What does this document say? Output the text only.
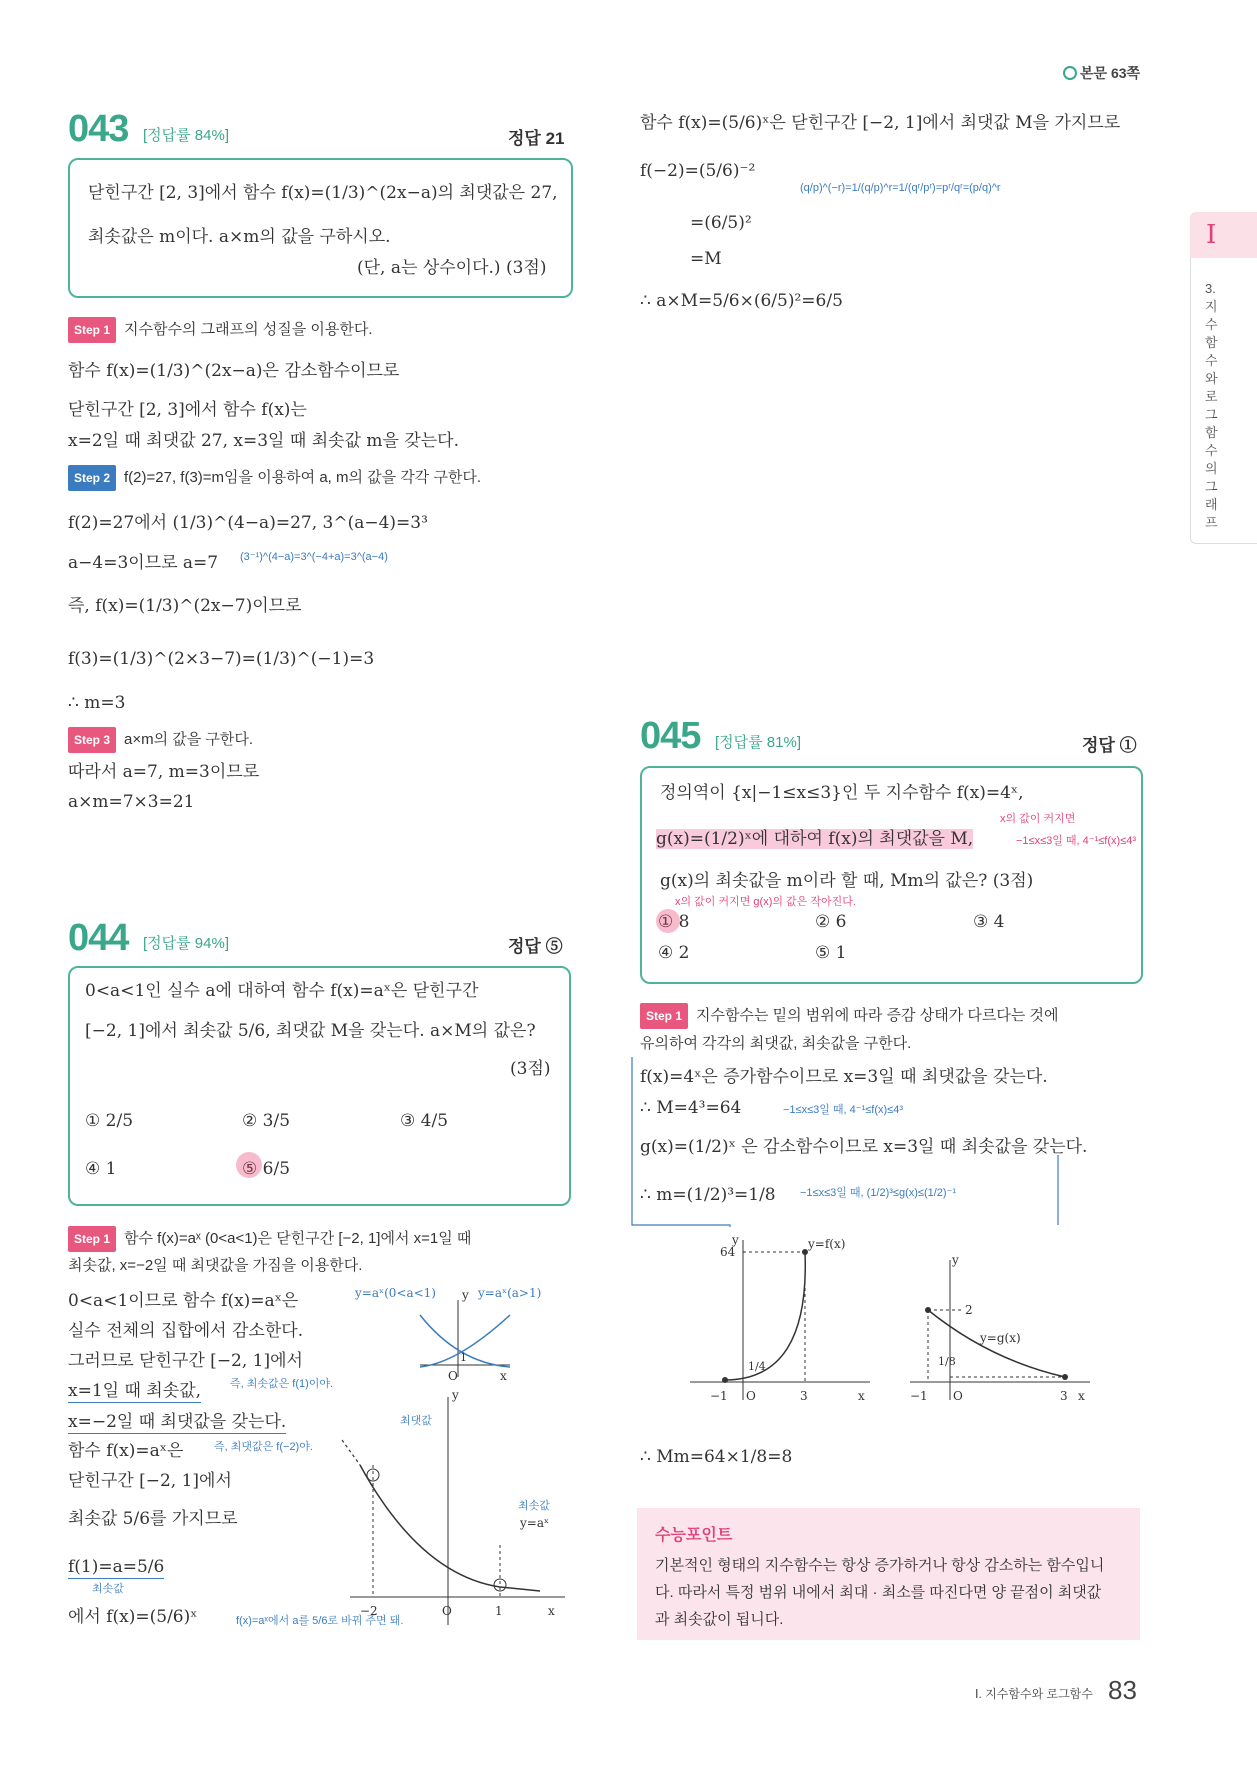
본문 63쪽
I
3.지수함수와로그함수의그래프
043 [정답률 84%]	정답 21
닫힌구간 [2, 3]에서 함수 f(x)=(1/3)^(2x−a)의 최댓값은 27,
최솟값은 m이다. a×m의 값을 구하시오.
(단, a는 상수이다.) (3점)
Step 1 지수함수의 그래프의 성질을 이용한다.
함수 f(x)=(1/3)^(2x−a)은 감소함수이므로
닫힌구간 [2, 3]에서 함수 f(x)는
x=2일 때 최댓값 27, x=3일 때 최솟값 m을 갖는다.
Step 2 f(2)=27, f(3)=m임을 이용하여 a, m의 값을 각각 구한다.
f(2)=27에서 (1/3)^(4−a)=27, 3^(a−4)=3³
a−4=3이므로 a=7 (3⁻¹)^(4−a)=3^(−4+a)=3^(a−4)
즉, f(x)=(1/3)^(2x−7)이므로
f(3)=(1/3)^(2×3−7)=(1/3)^(−1)=3
∴ m=3
Step 3 a×m의 값을 구한다.
따라서 a=7, m=3이므로
a×m=7×3=21
044 [정답률 94%]	정답 ⑤
0<a<1인 실수 a에 대하여 함수 f(x)=aˣ은 닫힌구간
[−2, 1]에서 최솟값 5/6, 최댓값 M을 갖는다. a×M의 값은?
(3점)
① 2/5	② 3/5	③ 4/5
④ 1	⑤ 6/5
Step 1 함수 f(x)=aˣ (0<a<1)은 닫힌구간 [−2, 1]에서 x=1일 때
최솟값, x=−2일 때 최댓값을 가짐을 이용한다.
0<a<1이므로 함수 f(x)=aˣ은
실수 전체의 집합에서 감소한다.
그러므로 닫힌구간 [−2, 1]에서
x=1일 때 최솟값,	즉, 최솟값은 f(1)이야.
x=−2일 때 최댓값을 갖는다.
함수 f(x)=aˣ은	즉, 최댓값은 f(−2)야.
닫힌구간 [−2, 1]에서
최솟값 5/6를 가지므로
f(1)=a=5/6
최솟값
에서 f(x)=(5/6)ˣ	f(x)=aˣ에서 a를 5/6로 바꿔 주면 돼.
y=aˣ(0<a<1)	y=aˣ(a>1)
O	x
y
1
최댓값
최솟값
y=aˣ
−2	O	1	x
y
함수 f(x)=(5/6)ˣ은 닫힌구간 [−2, 1]에서 최댓값 M을 가지므로
f(−2)=(5/6)⁻²
(q/p)^(−r)=1/(q/p)^r=1/(qʳ/pʳ)=pʳ/qʳ=(p/q)^r
=(6/5)²
=M
∴ a×M=5/6×(6/5)²=6/5
045 [정답률 81%]	정답 ①
정의역이 {x|−1≤x≤3}인 두 지수함수 f(x)=4ˣ,
x의 값이 커지면
g(x)=(1/2)ˣ에 대하여 f(x)의 최댓값을 M,	−1≤x≤3일 때, 4⁻¹≤f(x)≤4³
g(x)의 최솟값을 m이라 할 때, Mm의 값은? (3점)
x의 값이 커지면 g(x)의 값은 작아진다.
① 8	② 6	③ 4
④ 2	⑤ 1
Step 1 지수함수는 밑의 범위에 따라 증감 상태가 다르다는 것에
유의하여 각각의 최댓값, 최솟값을 구한다.
f(x)=4ˣ은 증가함수이므로 x=3일 때 최댓값을 갖는다.
∴ M=4³=64	−1≤x≤3일 때, 4⁻¹≤f(x)≤4³
g(x)=(1/2)ˣ 은 감소함수이므로 x=3일 때 최솟값을 갖는다.
∴ m=(1/2)³=1/8 −1≤x≤3일 때, (1/2)³≤g(x)≤(1/2)⁻¹
y
x
O
64
y=f(x)
1/4
−1	3
y
x
O
2
y=g(x)
1/8
−1	3
∴ Mm=64×1/8=8
수능포인트
기본적인 형태의 지수함수는 항상 증가하거나 항상 감소하는 함수입니
다. 따라서 특정 범위 내에서 최대 · 최소를 따진다면 양 끝점이 최댓값
과 최솟값이 됩니다.
Ⅰ. 지수함수와 로그함수 83
